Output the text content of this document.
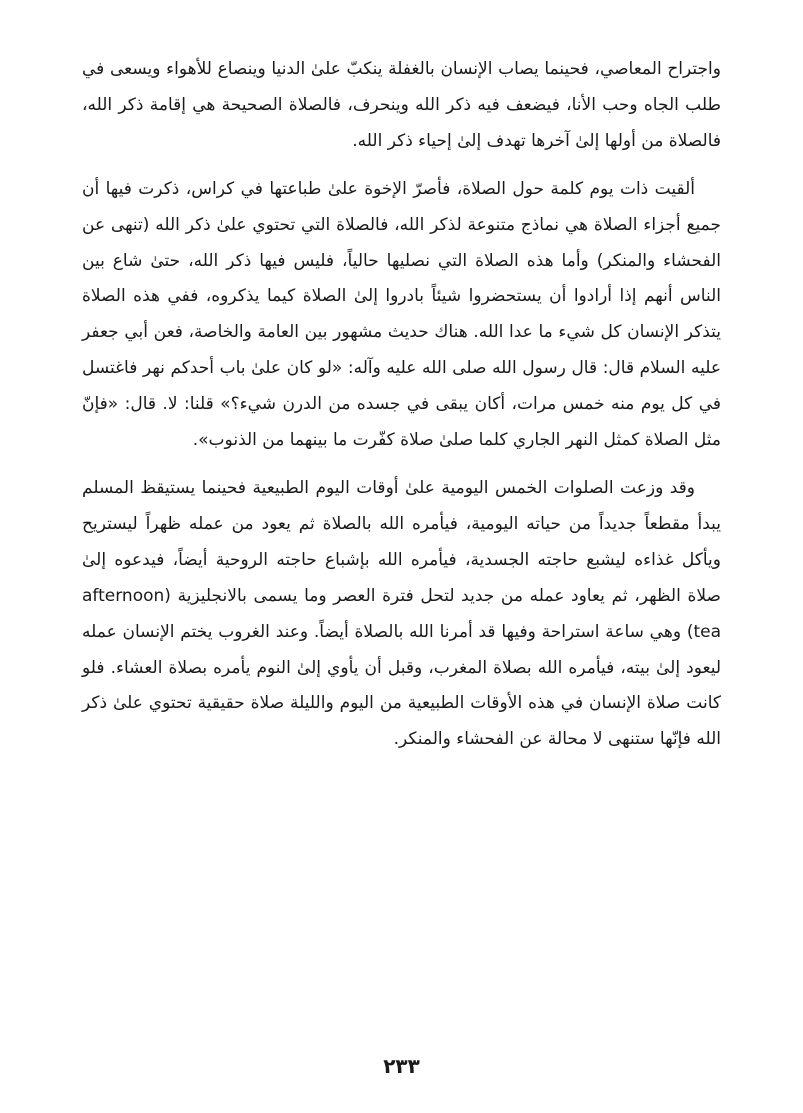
واجتراح المعاصي، فحينما يصاب الإنسان بالغفلة ينكبّ علىٰ الدنيا وينصاع للأهواء ويسعى في طلب الجاه وحب الأنا، فيضعف فيه ذكر الله وينحرف، فالصلاة الصحيحة هي إقامة ذكر الله، فالصلاة من أولها إلىٰ آخرها تهدف إلىٰ إحياء ذكر الله.

ألقيت ذات يوم كلمة حول الصلاة، فأصرّ الإخوة علىٰ طباعتها في كراس، ذكرت فيها أن جميع أجزاء الصلاة هي نماذج متنوعة لذكر الله، فالصلاة التي تحتوي علىٰ ذكر الله (تنهى عن الفحشاء والمنكر) وأما هذه الصلاة التي نصليها حالياً، فليس فيها ذكر الله، حتىٰ شاع بين الناس أنهم إذا أرادوا أن يستحضروا شيئاً بادروا إلىٰ الصلاة كيما يذكروه، ففي هذه الصلاة يتذكر الإنسان كل شيء ما عدا الله. هناك حديث مشهور بين العامة والخاصة، فعن أبي جعفر عليه السلام قال: قال رسول الله صلى الله عليه وآله: «لو كان علىٰ باب أحدكم نهر فاغتسل في كل يوم منه خمس مرات، أكان يبقى في جسده من الدرن شيء؟» قلنا: لا. قال: «فإنّ مثل الصلاة كمثل النهر الجاري كلما صلىٰ صلاة كفّرت ما بينهما من الذنوب».

وقد وزعت الصلوات الخمس اليومية علىٰ أوقات اليوم الطبيعية فحينما يستيقظ المسلم يبدأ مقطعاً جديداً من حياته اليومية، فيأمره الله بالصلاة ثم يعود من عمله ظهراً ليستريح ويأكل غذاءه ليشبع حاجته الجسدية، فيأمره الله بإشباع حاجته الروحية أيضاً، فيدعوه إلىٰ صلاة الظهر، ثم يعاود عمله من جديد لتحل فترة العصر وما يسمى بالانجليزية (afternoon tea) وهي ساعة استراحة وفيها قد أمرنا الله بالصلاة أيضاً. وعند الغروب يختم الإنسان عمله ليعود إلىٰ بيته، فيأمره الله بصلاة المغرب، وقبل أن يأوي إلىٰ النوم يأمره بصلاة العشاء. فلو كانت صلاة الإنسان في هذه الأوقات الطبيعية من اليوم والليلة صلاة حقيقية تحتوي علىٰ ذكر الله فإنّها ستنهى لا محالة عن الفحشاء والمنكر.

٢٣٣
